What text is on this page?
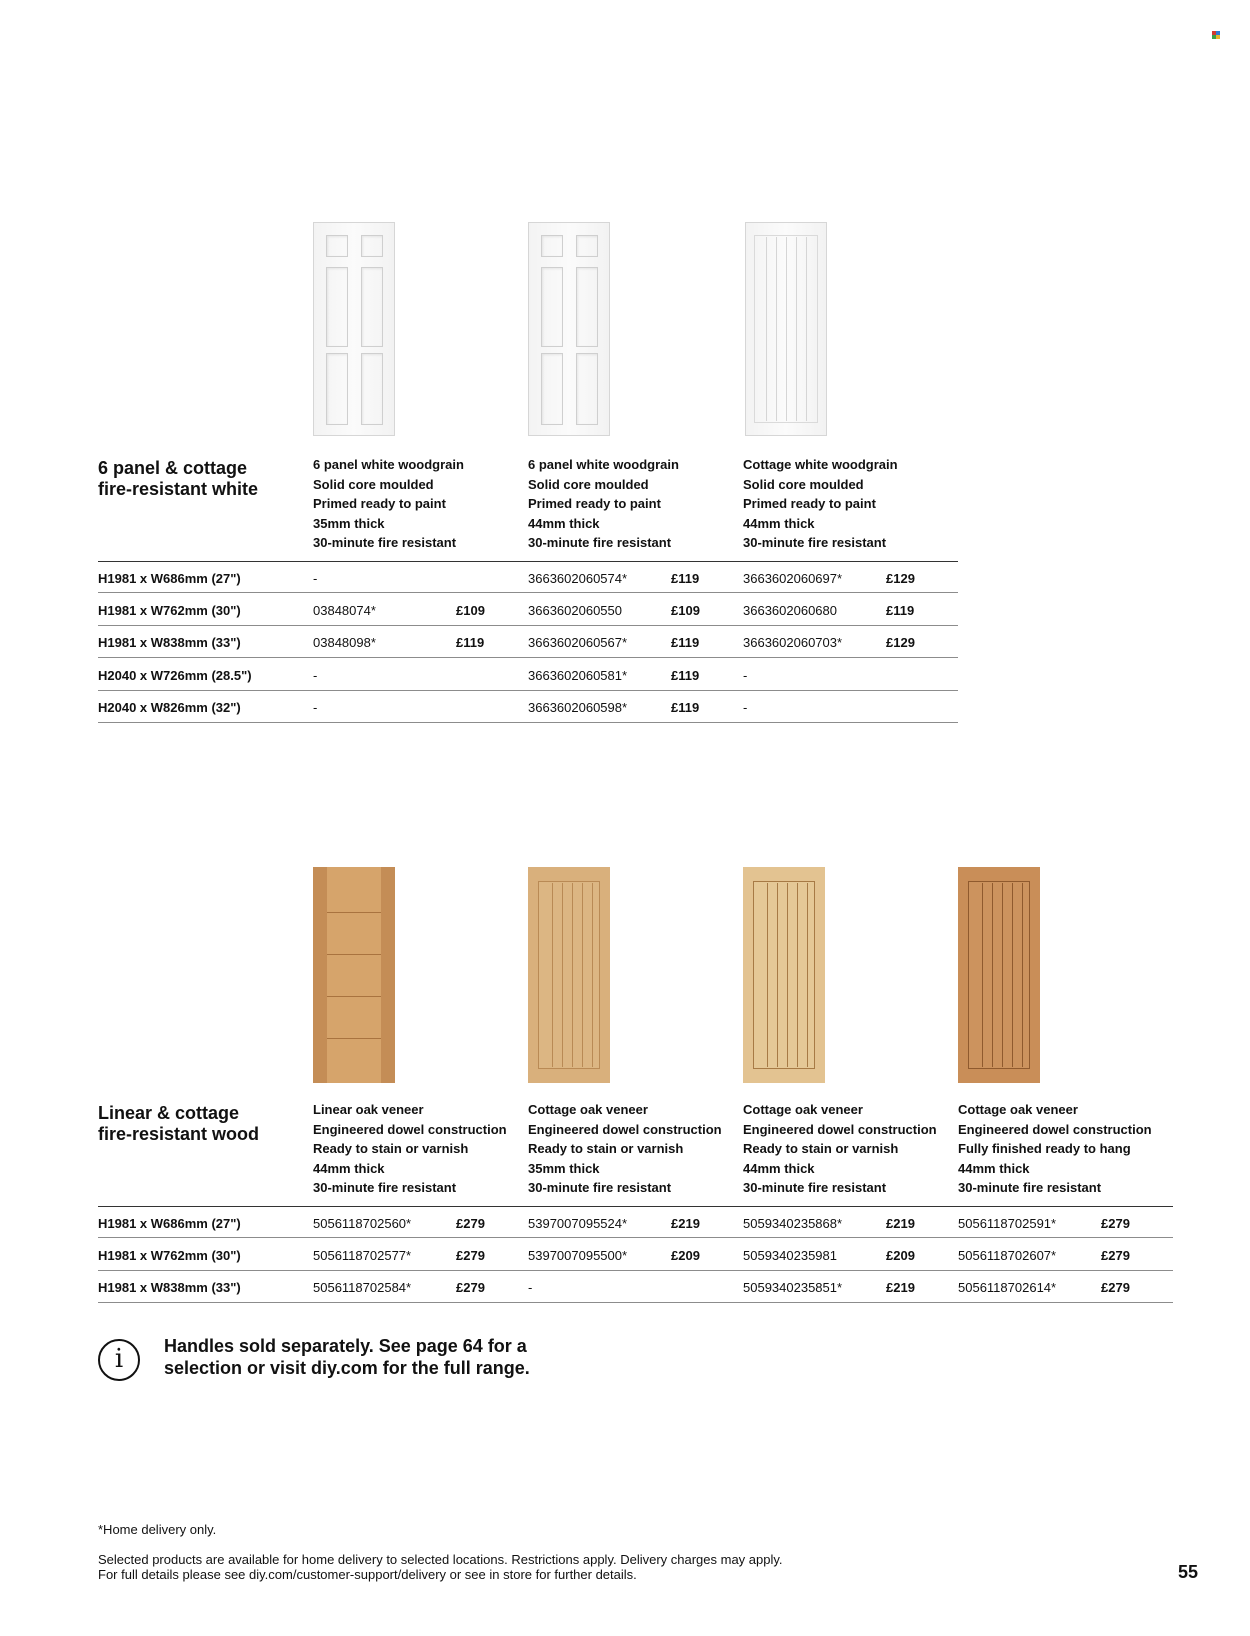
6 panel & cottage
fire-resistant white
6 panel white woodgrain
Solid core moulded
Primed ready to paint
35mm thick
30-minute fire resistant
6 panel white woodgrain
Solid core moulded
Primed ready to paint
44mm thick
30-minute fire resistant
Cottage white woodgrain
Solid core moulded
Primed ready to paint
44mm thick
30-minute fire resistant
H1981 x W686mm (27")	-	3663602060574*	£119	3663602060697*	£129
H1981 x W762mm (30")	03848074*	£109	3663602060550	£109	3663602060680	£119
H1981 x W838mm (33")	03848098*	£119	3663602060567*	£119	3663602060703*	£129
H2040 x W726mm (28.5")	-	3663602060581*	£119	-
H2040 x W826mm (32")	-	3663602060598*	£119	-
Linear & cottage
fire-resistant wood
Linear oak veneer
Engineered dowel construction
Ready to stain or varnish
44mm thick
30-minute fire resistant
Cottage oak veneer
Engineered dowel construction
Ready to stain or varnish
35mm thick
30-minute fire resistant
Cottage oak veneer
Engineered dowel construction
Ready to stain or varnish
44mm thick
30-minute fire resistant
Cottage oak veneer
Engineered dowel construction
Fully finished ready to hang
44mm thick
30-minute fire resistant
H1981 x W686mm (27")	5056118702560*	£279	5397007095524*	£219	5059340235868*	£219	5056118702591*	£279
H1981 x W762mm (30")	5056118702577*	£279	5397007095500*	£209	5059340235981	£209	5056118702607*	£279
H1981 x W838mm (33")	5056118702584*	£279	-	5059340235851*	£219	5056118702614*	£279
i	Handles sold separately. See page 64 for a
selection or visit diy.com for the full range.
*Home delivery only.
Selected products are available for home delivery to selected locations. Restrictions apply. Delivery charges may apply.
For full details please see diy.com/customer-support/delivery or see in store for further details.	55
